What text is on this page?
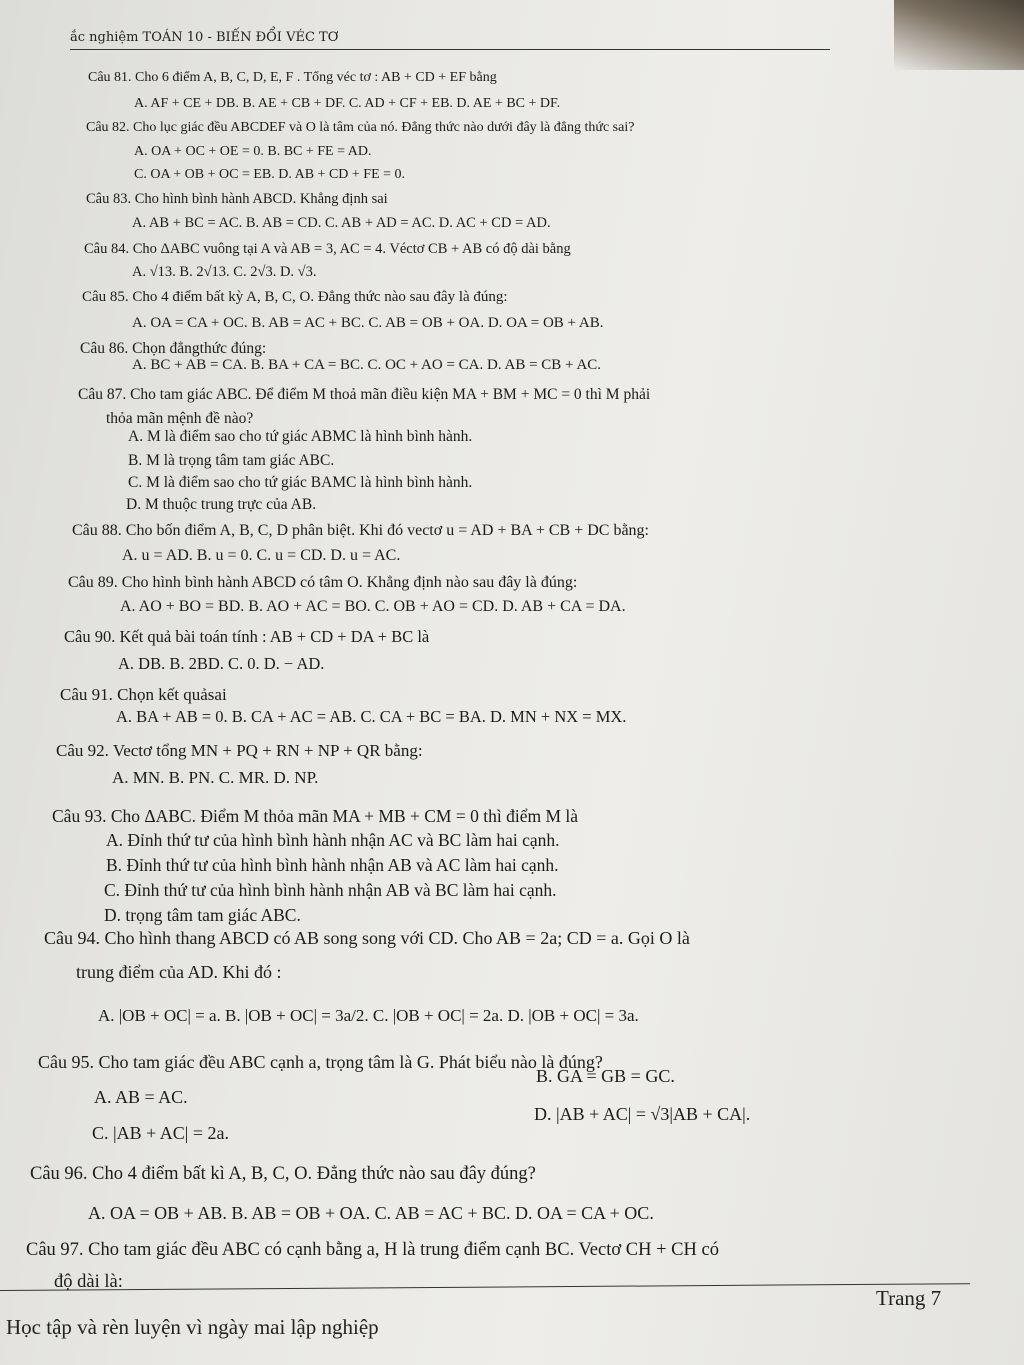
ắc nghiệm TOÁN 10 - BIẾN ĐỔI VÉC TƠ
Câu 81. Cho 6 điểm A, B, C, D, E, F . Tổng véc tơ : AB + CD + EF bằng
A. AF + CE + DB. B. AE + CB + DF. C. AD + CF + EB. D. AE + BC + DF.
Câu 82. Cho lục giác đều ABCDEF và O là tâm của nó. Đẳng thức nào dưới đây là đẳng thức sai?
A. OA + OC + OE = 0. B. BC + FE = AD.
C. OA + OB + OC = EB. D. AB + CD + FE = 0.
Câu 83. Cho hình bình hành ABCD. Khẳng định sai
A. AB + BC = AC. B. AB = CD. C. AB + AD = AC. D. AC + CD = AD.
Câu 84. Cho ΔABC vuông tại A và AB = 3, AC = 4. Véctơ CB + AB có độ dài bằng
A. √13. B. 2√13. C. 2√3. D. √3.
Câu 85. Cho 4 điểm bất kỳ A, B, C, O. Đẳng thức nào sau đây là đúng:
A. OA = CA + OC. B. AB = AC + BC. C. AB = OB + OA. D. OA = OB + AB.
Câu 86. Chọn đẳngthức đúng:
A. BC + AB = CA. B. BA + CA = BC. C. OC + AO = CA. D. AB = CB + AC.
Câu 87. Cho tam giác ABC. Để điểm M thoả mãn điều kiện MA + BM + MC = 0 thì M phải
thỏa mãn mệnh đề nào?
A. M là điểm sao cho tứ giác ABMC là hình bình hành.
B. M là trọng tâm tam giác ABC.
C. M là điểm sao cho tứ giác BAMC là hình bình hành.
D. M thuộc trung trực của AB.
Câu 88. Cho bốn điểm A, B, C, D phân biệt. Khi đó vectơ u = AD + BA + CB + DC bằng:
A. u = AD. B. u = 0. C. u = CD. D. u = AC.
Câu 89. Cho hình bình hành ABCD có tâm O. Khẳng định nào sau đây là đúng:
A. AO + BO = BD. B. AO + AC = BO. C. OB + AO = CD. D. AB + CA = DA.
Câu 90. Kết quả bài toán tính : AB + CD + DA + BC là
A. DB. B. 2BD. C. 0. D. − AD.
Câu 91. Chọn kết quảsai
A. BA + AB = 0. B. CA + AC = AB. C. CA + BC = BA. D. MN + NX = MX.
Câu 92. Vectơ tổng MN + PQ + RN + NP + QR bằng:
A. MN. B. PN. C. MR. D. NP.
Câu 93. Cho ΔABC. Điểm M thỏa mãn MA + MB + CM = 0 thì điểm M là
A. Đỉnh thứ tư của hình bình hành nhận AC và BC làm hai cạnh.
B. Đỉnh thứ tư của hình bình hành nhận AB và AC làm hai cạnh.
C. Đỉnh thứ tư của hình bình hành nhận AB và BC làm hai cạnh.
D. trọng tâm tam giác ABC.
Câu 94. Cho hình thang ABCD có AB song song với CD. Cho AB = 2a; CD = a. Gọi O là
trung điểm của AD. Khi đó :
A. |OB + OC| = a. B. |OB + OC| = 3a/2. C. |OB + OC| = 2a. D. |OB + OC| = 3a.
Câu 95. Cho tam giác đều ABC cạnh a, trọng tâm là G. Phát biểu nào là đúng?
B. GA = GB = GC.
A. AB = AC.
D. |AB + AC| = √3|AB + CA|.
C. |AB + AC| = 2a.
Câu 96. Cho 4 điểm bất kì A, B, C, O. Đẳng thức nào sau đây đúng?
A. OA = OB + AB. B. AB = OB + OA. C. AB = AC + BC. D. OA = CA + OC.
Câu 97. Cho tam giác đều ABC có cạnh bằng a, H là trung điểm cạnh BC. Vectơ CH + CH có
độ dài là:
Trang 7
Học tập và rèn luyện vì ngày mai lập nghiệp
